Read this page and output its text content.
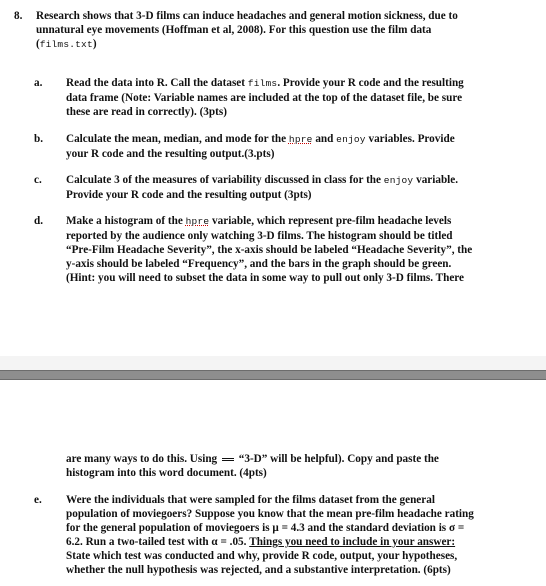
8. Research shows that 3-D films can induce headaches and general motion sickness, due to
unnatural eye movements (Hoffman et al, 2008). For this question use the film data
(films.txt)
a.	Read the data into R. Call the dataset films. Provide your R code and the resulting
data frame (Note: Variable names are included at the top of the dataset file, be sure
these are read in correctly). (3pts)
b.	Calculate the mean, median, and mode for the hpre and enjoy variables. Provide
your R code and the resulting output.(3.pts)
c.	Calculate 3 of the measures of variability discussed in class for the enjoy variable.
Provide your R code and the resulting output (3pts)
d.	Make a histogram of the hpre variable, which represent pre-film headache levels
reported by the audience only watching 3-D films. The histogram should be titled
“Pre-Film Headache Severity”, the x-axis should be labeled “Headache Severity”, the
y-axis should be labeled “Frequency”, and the bars in the graph should be green.
(Hint: you will need to subset the data in some way to pull out only 3-D films. There
are many ways to do this. Using  “3-D” will be helpful). Copy and paste the
histogram into this word document. (4pts)
e.	Were the individuals that were sampled for the films dataset from the general
population of moviegoers? Suppose you know that the mean pre-film headache rating
for the general population of moviegoers is μ = 4.3 and the standard deviation is σ =
6.2. Run a two-tailed test with α = .05. Things you need to include in your answer:
State which test was conducted and why, provide R code, output, your hypotheses,
whether the null hypothesis was rejected, and a substantive interpretation. (6pts)
